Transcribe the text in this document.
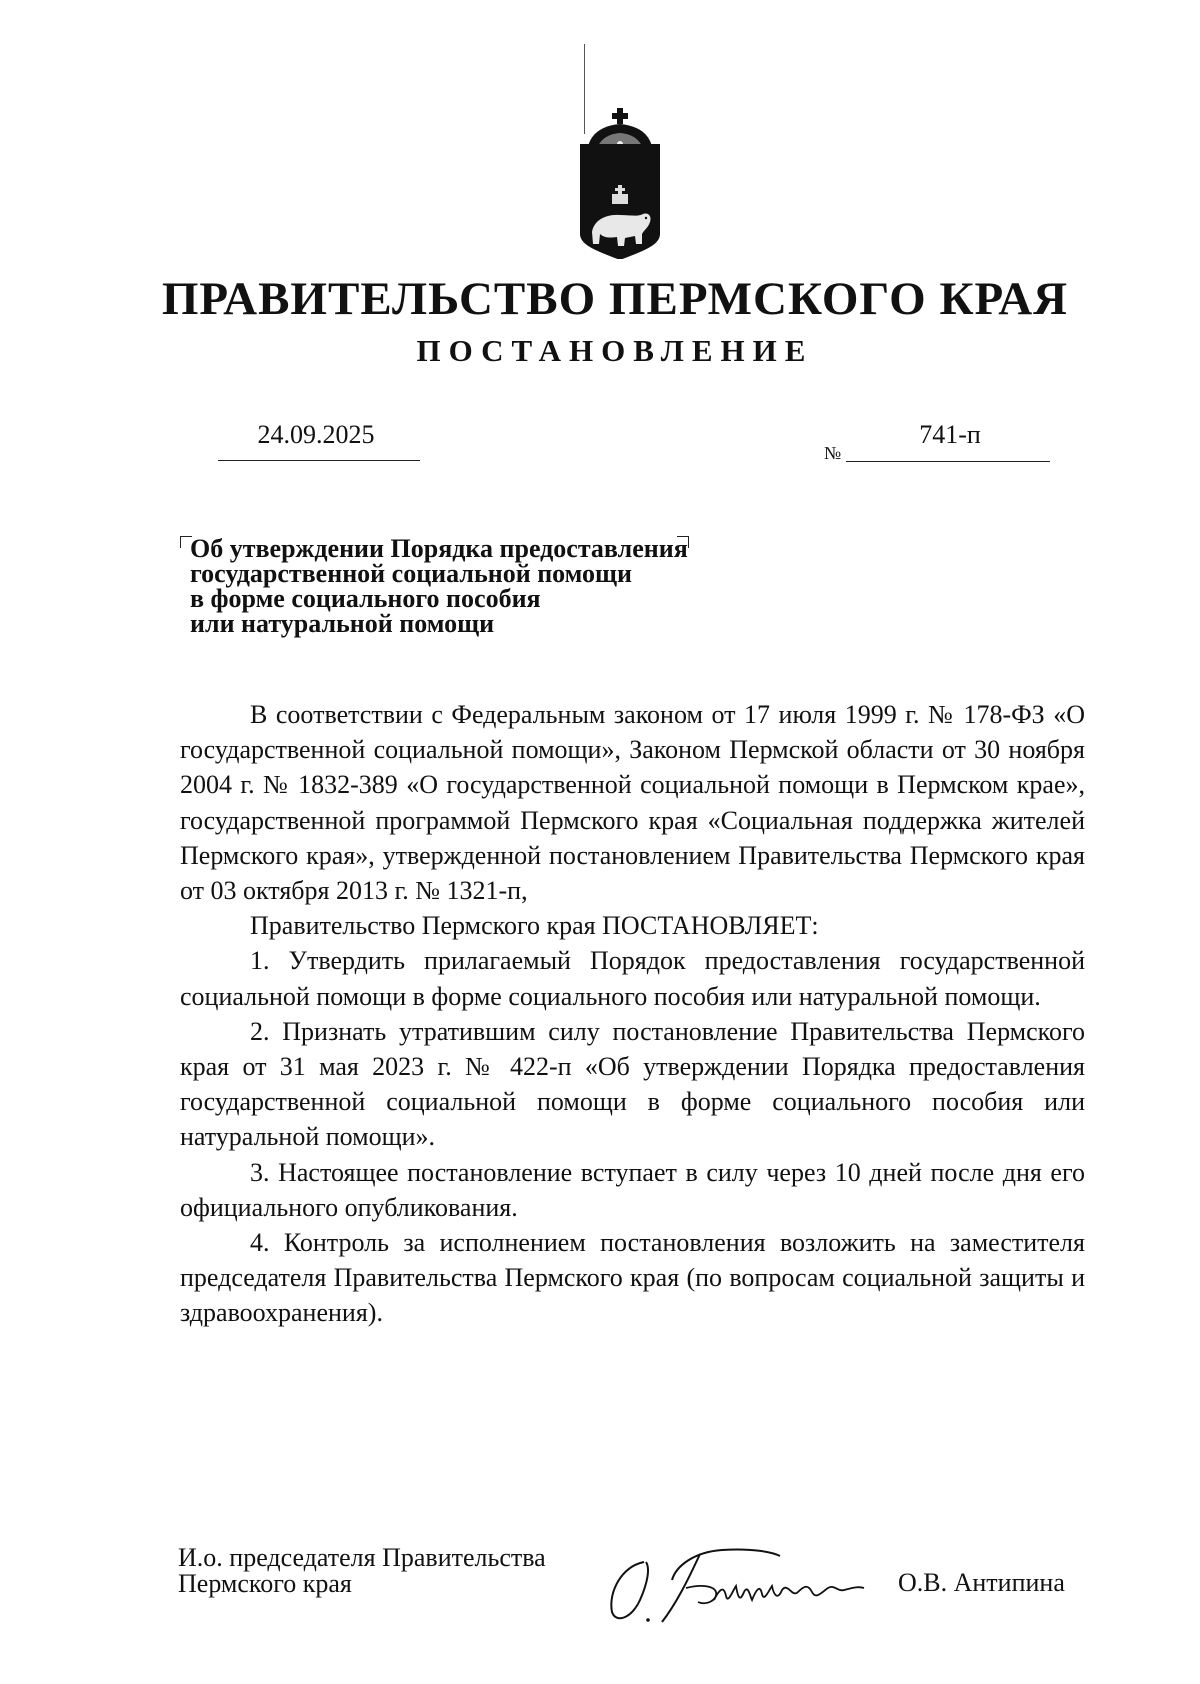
ПРАВИТЕЛЬСТВО ПЕРМСКОГО КРАЯ
ПОСТАНОВЛЕНИЕ
24.09.2025
№
741-п
Об утверждении Порядка предоставления
государственной социальной помощи
в форме социального пособия
или натуральной помощи

В соответствии с Федеральным законом от 17 июля 1999 г. № 178-ФЗ «О государственной социальной помощи», Законом Пермской области от 30 ноября 2004 г. № 1832-389 «О государственной социальной помощи в Пермском крае», государственной программой Пермского края «Социальная поддержка жителей Пермского края», утвержденной постановлением Правительства Пермского края от 03 октября 2013 г. № 1321-п,

Правительство Пермского края ПОСТАНОВЛЯЕТ:

1. Утвердить прилагаемый Порядок предоставления государственной социальной помощи в форме социального пособия или натуральной помощи.

2. Признать утратившим силу постановление Правительства Пермского края от 31 мая 2023 г. № 422-п «Об утверждении Порядка предоставления государственной социальной помощи в форме социального пособия или натуральной помощи».

3. Настоящее постановление вступает в силу через 10 дней после дня его официального опубликования.

4. Контроль за исполнением постановления возложить на заместителя председателя Правительства Пермского края (по вопросам социальной защиты и здравоохранения).

И.о. председателя Правительства
Пермского края	О.В. Антипина
